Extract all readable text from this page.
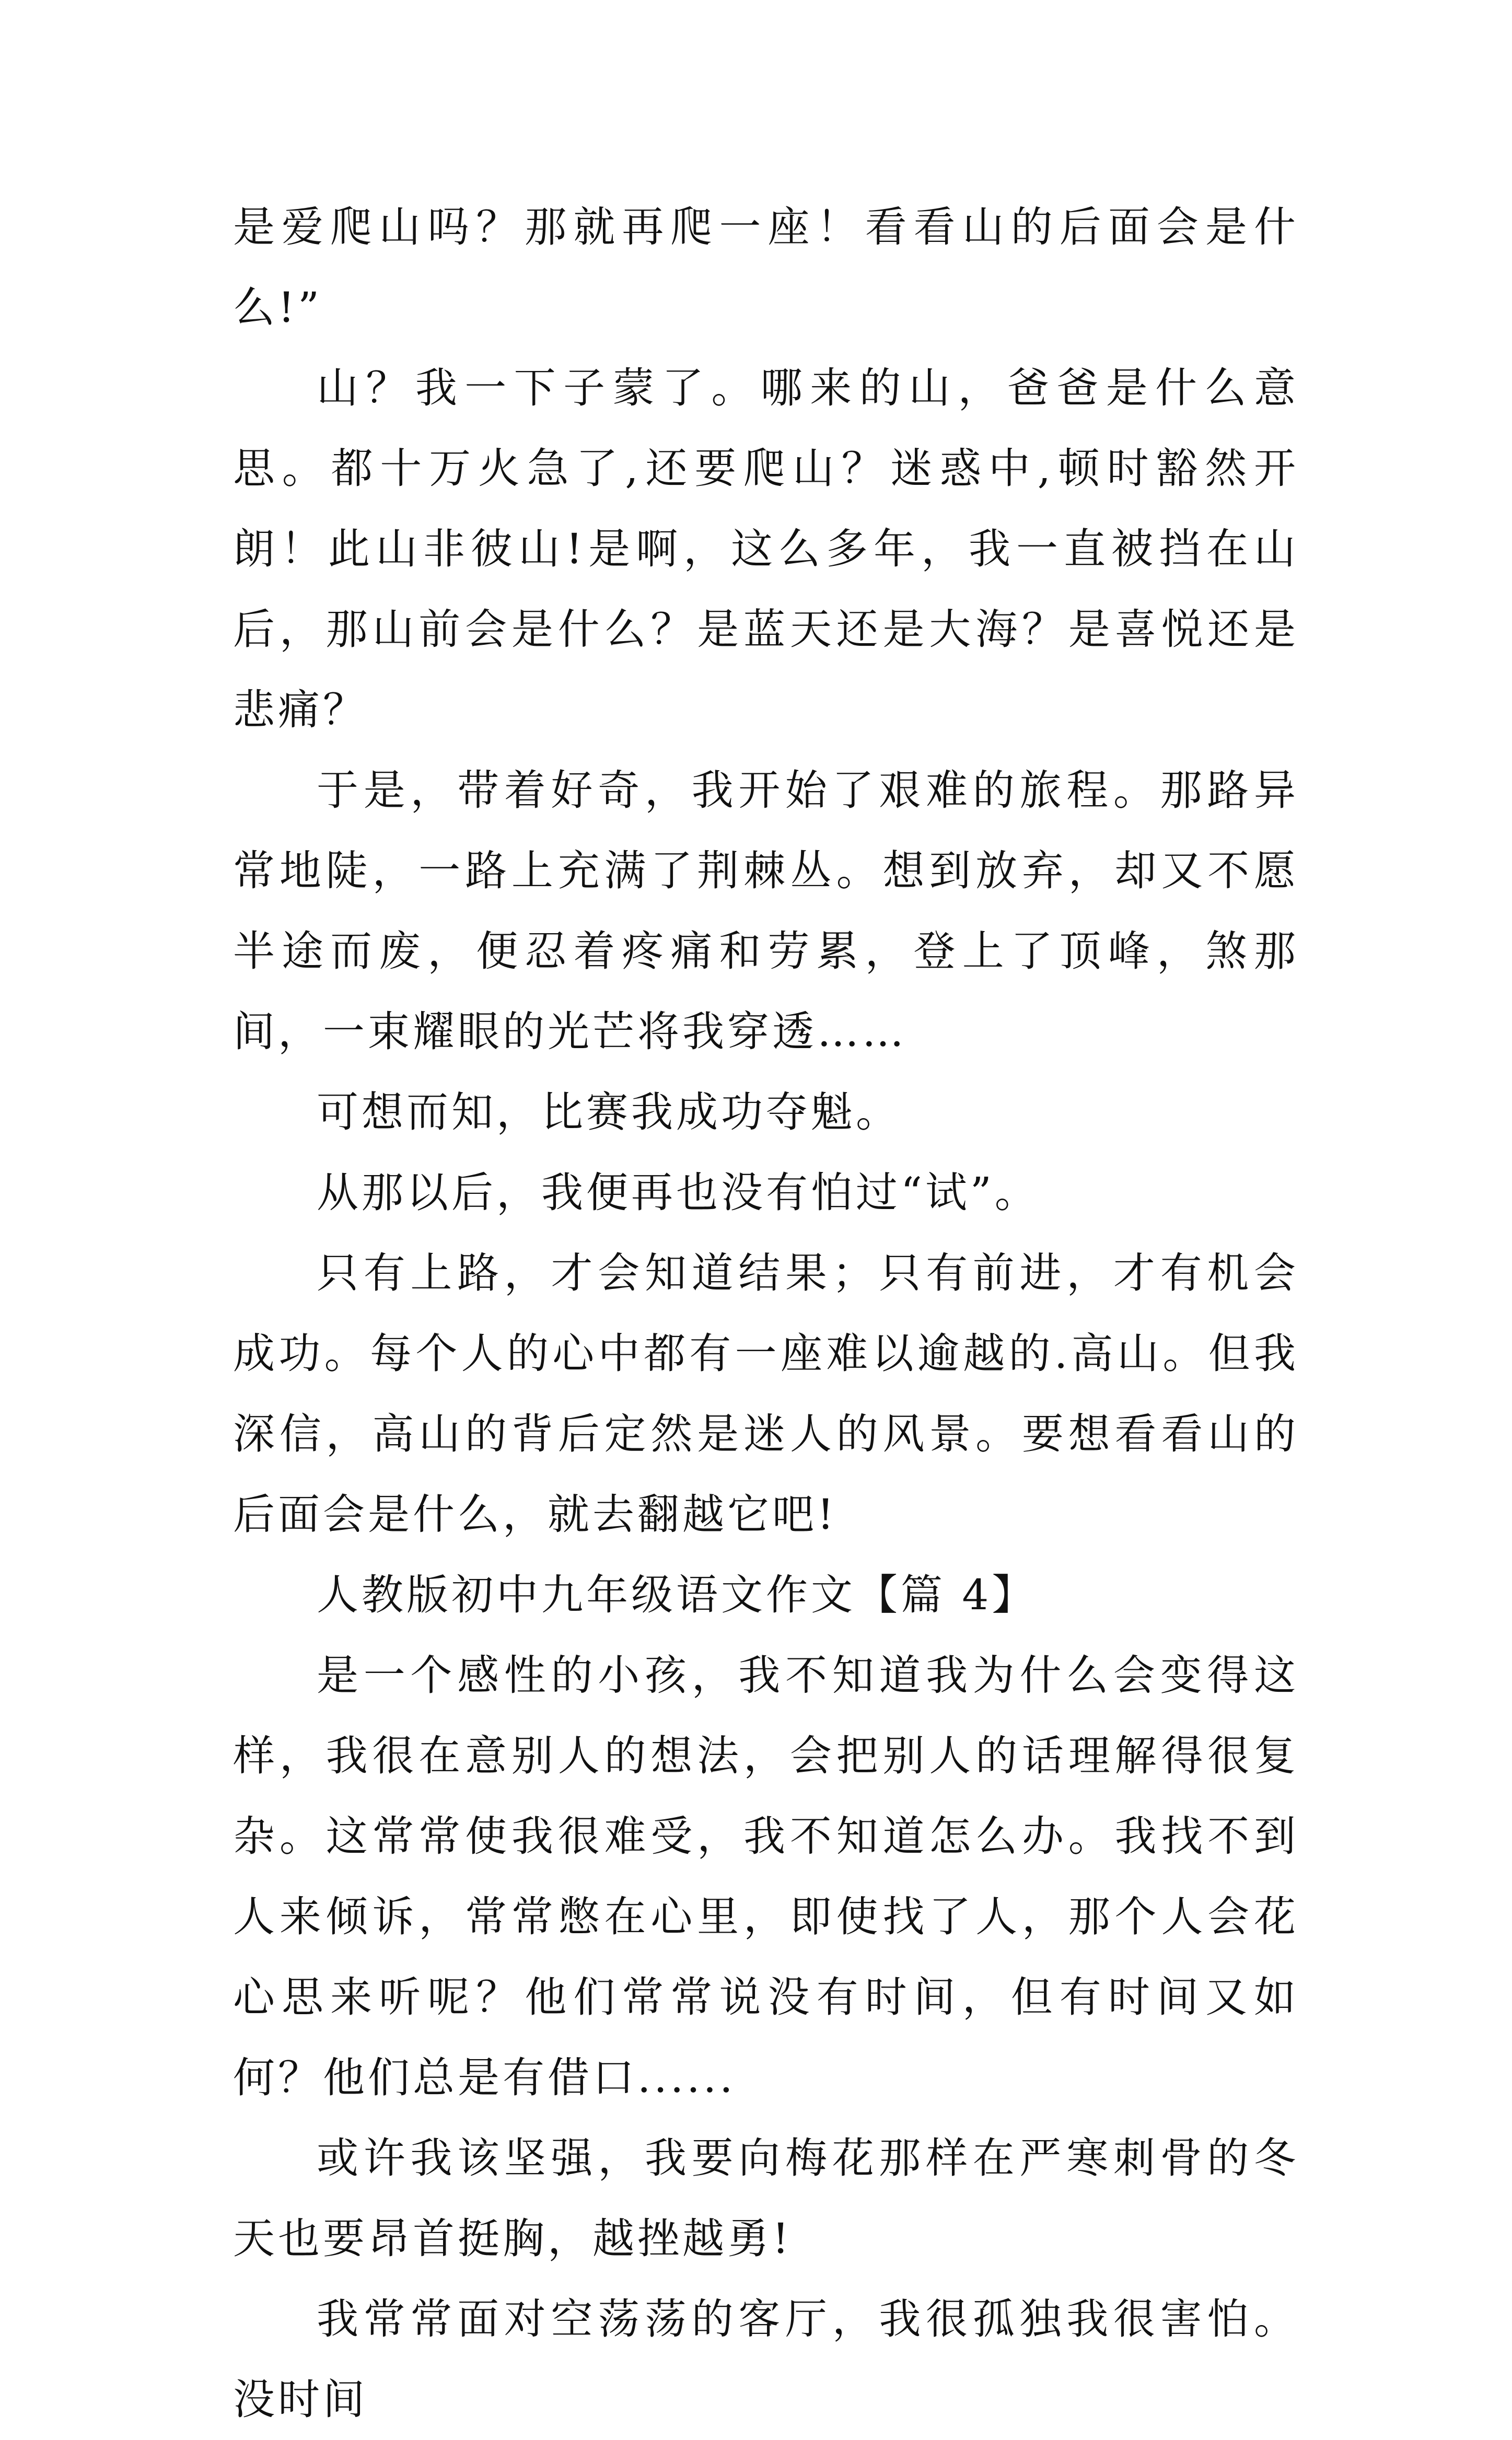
是爱爬山吗？那就再爬一座！看看山的后面会是什么!”

山？我一下子蒙了。哪来的山，爸爸是什么意思。都十万火急了,还要爬山？迷惑中,顿时豁然开朗！此山非彼山!是啊，这么多年，我一直被挡在山后，那山前会是什么？是蓝天还是大海？是喜悦还是悲痛？

于是，带着好奇，我开始了艰难的旅程。那路异常地陡，一路上充满了荆棘丛。想到放弃，却又不愿半途而废，便忍着疼痛和劳累，登上了顶峰，煞那间，一束耀眼的光芒将我穿透……

可想而知，比赛我成功夺魁。

从那以后，我便再也没有怕过“试”。

只有上路，才会知道结果；只有前进，才有机会成功。每个人的心中都有一座难以逾越的.高山。但我深信，高山的背后定然是迷人的风景。要想看看山的后面会是什么，就去翻越它吧!

人教版初中九年级语文作文【篇 4】

是一个感性的小孩，我不知道我为什么会变得这样，我很在意别人的想法，会把别人的话理解得很复杂。这常常使我很难受，我不知道怎么办。我找不到人来倾诉，常常憋在心里，即使找了人，那个人会花心思来听呢？他们常常说没有时间，但有时间又如何？他们总是有借口......

或许我该坚强，我要向梅花那样在严寒刺骨的冬天也要昂首挺胸，越挫越勇!

我常常面对空荡荡的客厅，我很孤独我很害怕。没时间
